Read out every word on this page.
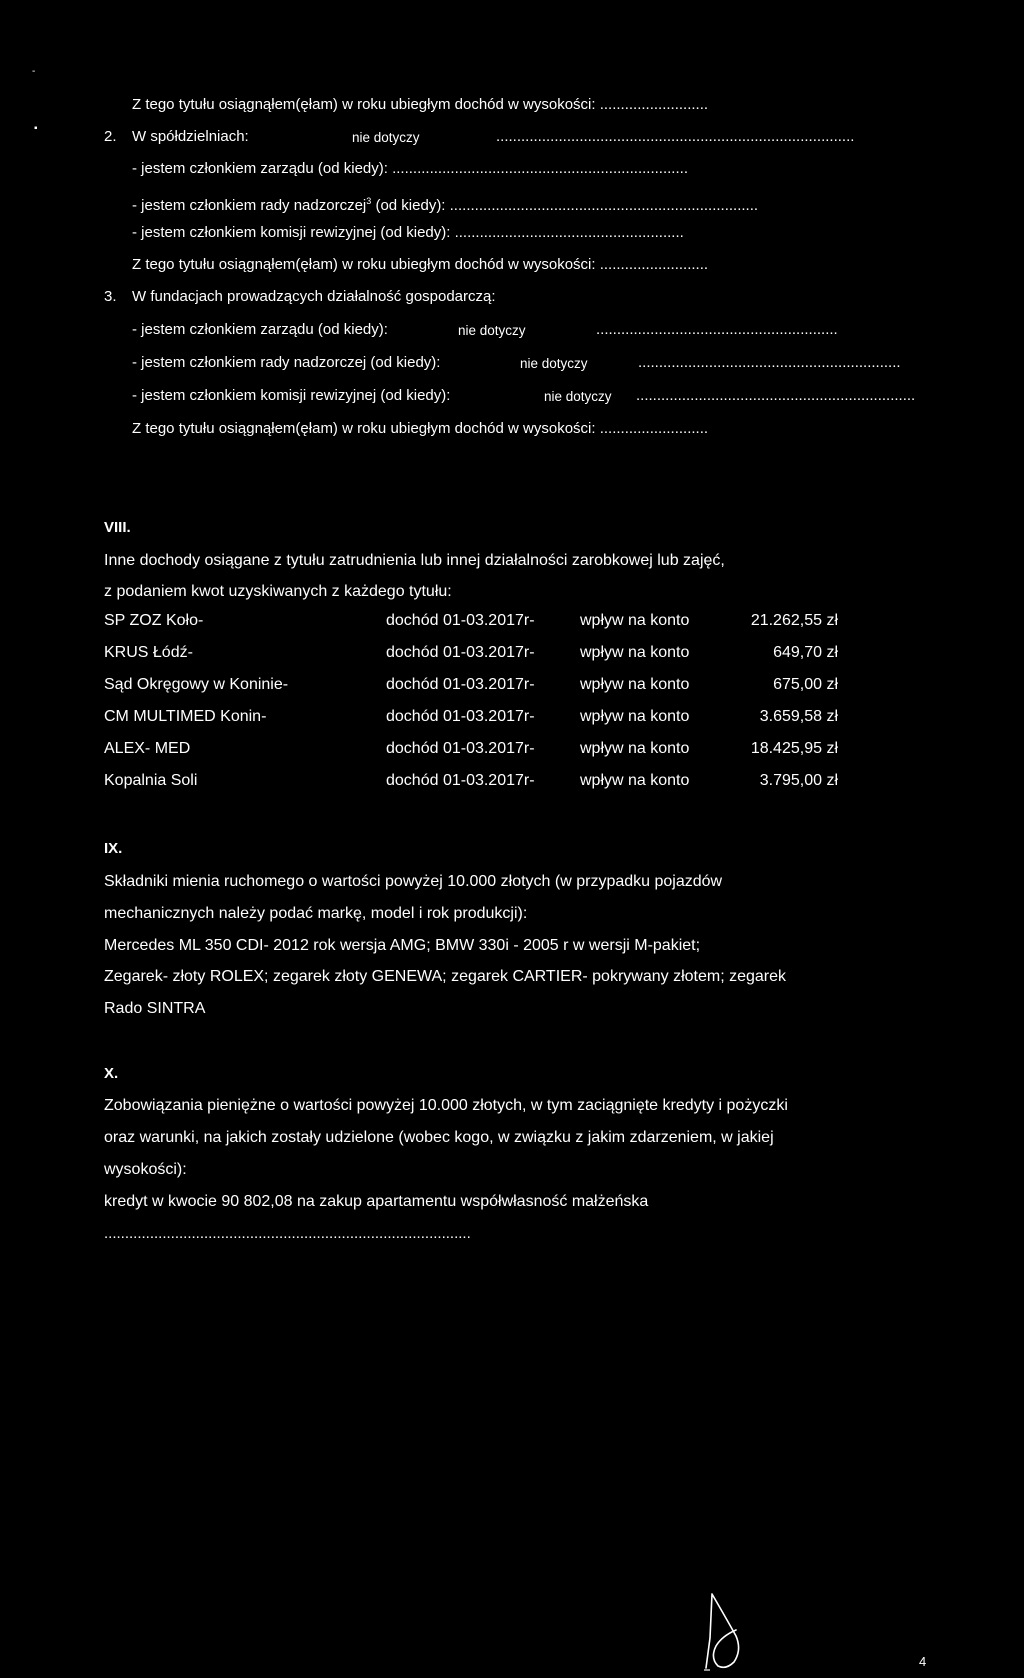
-
▪
Z tego tytułu osiągnąłem(ęłam) w roku ubiegłym dochód w wysokości: ..........................
2. W spółdzielniach:	nie dotyczy	......................................................................................
- jestem członkiem zarządu (od kiedy): .......................................................................
- jestem członkiem rady nadzorczej$^3$ (od kiedy): ..........................................................................
- jestem członkiem komisji rewizyjnej (od kiedy): .......................................................
Z tego tytułu osiągnąłem(ęłam) w roku ubiegłym dochód w wysokości: ..........................
3. W fundacjach prowadzących działalność gospodarczą:
- jestem członkiem zarządu (od kiedy):	nie dotyczy	..........................................................
- jestem członkiem rady nadzorczej (od kiedy):	nie dotyczy	...............................................................
- jestem członkiem komisji rewizyjnej (od kiedy):	nie dotyczy ...................................................................
Z tego tytułu osiągnąłem(ęłam) w roku ubiegłym dochód w wysokości: ..........................
VIII.
Inne dochody osiągane z tytułu zatrudnienia lub innej działalności zarobkowej lub zajęć,
z podaniem kwot uzyskiwanych z każdego tytułu:
SP ZOZ Koło-	dochód 01-03.2017r-	wpływ na konto	21.262,55 zł
KRUS Łódź-	dochód 01-03.2017r-	wpływ na konto	649,70 zł
Sąd Okręgowy w Koninie-	dochód 01-03.2017r-	wpływ na konto	675,00 zł
CM MULTIMED Konin-	dochód 01-03.2017r-	wpływ na konto	3.659,58 zł
ALEX- MED	dochód 01-03.2017r-	wpływ na konto	18.425,95 zł
Kopalnia Soli	dochód 01-03.2017r-	wpływ na konto	3.795,00 zł
IX.
Składniki mienia ruchomego o wartości powyżej 10.000 złotych (w przypadku pojazdów
mechanicznych należy podać markę, model i rok produkcji):
Mercedes ML 350 CDI- 2012 rok wersja AMG; BMW 330i - 2005 r w wersji M-pakiet;
Zegarek- złoty ROLEX; zegarek złoty GENEWA; zegarek CARTIER- pokrywany złotem; zegarek
Rado SINTRA
X.
Zobowiązania pieniężne o wartości powyżej 10.000 złotych, w tym zaciągnięte kredyty i pożyczki
oraz warunki, na jakich zostały udzielone (wobec kogo, w związku z jakim zdarzeniem, w jakiej
wysokości):
kredyt w kwocie 90 802,08 na zakup apartamentu współwłasność małżeńska
........................................................................................
4
